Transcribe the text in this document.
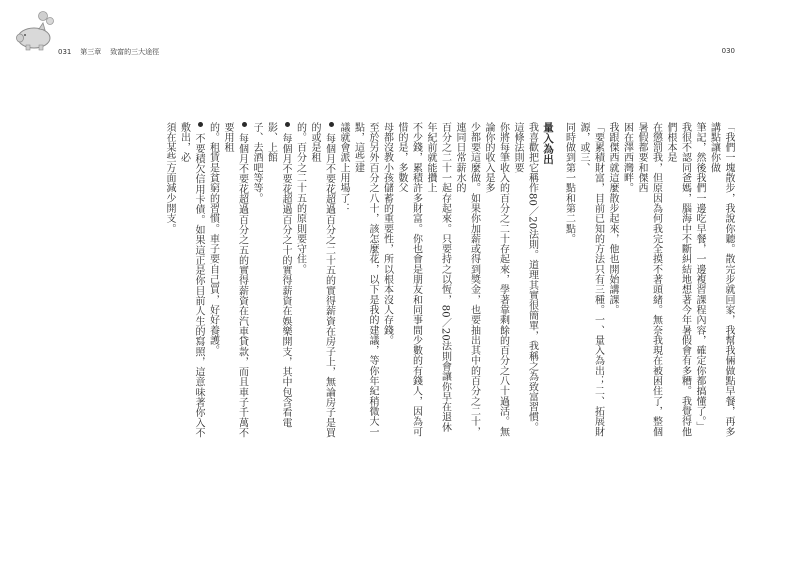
031 第三章 致富的三大途徑	030

「我們一塊散步，我說你聽。散完步就回家，我幫我倆做點早餐，再多講點讓你做

筆記，然後我們一邊吃早餐，一邊複習課程內容，確定你都搞懂了。」

我很不認同爸媽，腦海中不斷糾結地想著今年暑假會有多糟。我覺得他們根本是

在懲罰我，但原因為何我完全摸不著頭緒。無奈我現在被困住了，整個暑假都要和傑西

困在澤西灣畔。

我跟傑西就這麼散步起來，他也開始講課。

「要累積財富，目前已知的方法只有三種。一、量入為出；二、拓展財源，或三、

同時做到第一點和第二點。

量入為出

我喜歡把它稱作80／20法則。道理其實很簡單，我稱之為致富習慣。這條法則要

你將每筆收入的百分之二十存起來，學著靠剩餘的百分之八十過活。無論你的收入是多

少都要這麼做。如果你加薪或得到獎金，也要抽出其中的百分之二十，連同日常薪水的

百分之二十一起存起來。只要持之以恆，80／20法則會讓你早在退休年紀前就能攢上

不少錢，累積許多財富。你也會是朋友和同事間少數的有錢人，因為可惜的是，多數父

母都沒教小孩儲蓄的重要性，所以根本沒人存錢。

至於另外百分之八十，該怎麼花，以下是我的建議，等你年紀稍微大一點，這些建

議就會派上用場了：

每個月不要花超過百分之二十五的實得薪資在房子上，無論房子是買的或是租

的。百分之二十五的原則要守住。

每個月不要花超過百分之十的實得薪資在娛樂開支，其中包含看電影、上館

子、去酒吧等等。

每個月不要花超過百分之五的實得薪資在汽車貸款，而且車子千萬不要用租

的。租賃是貧窮的習慣。車子要自己買，好好養護。

不要積欠信用卡債。如果這正是你目前人生的寫照，這意味著你入不敷出，必

須在某些方面減少開支。
